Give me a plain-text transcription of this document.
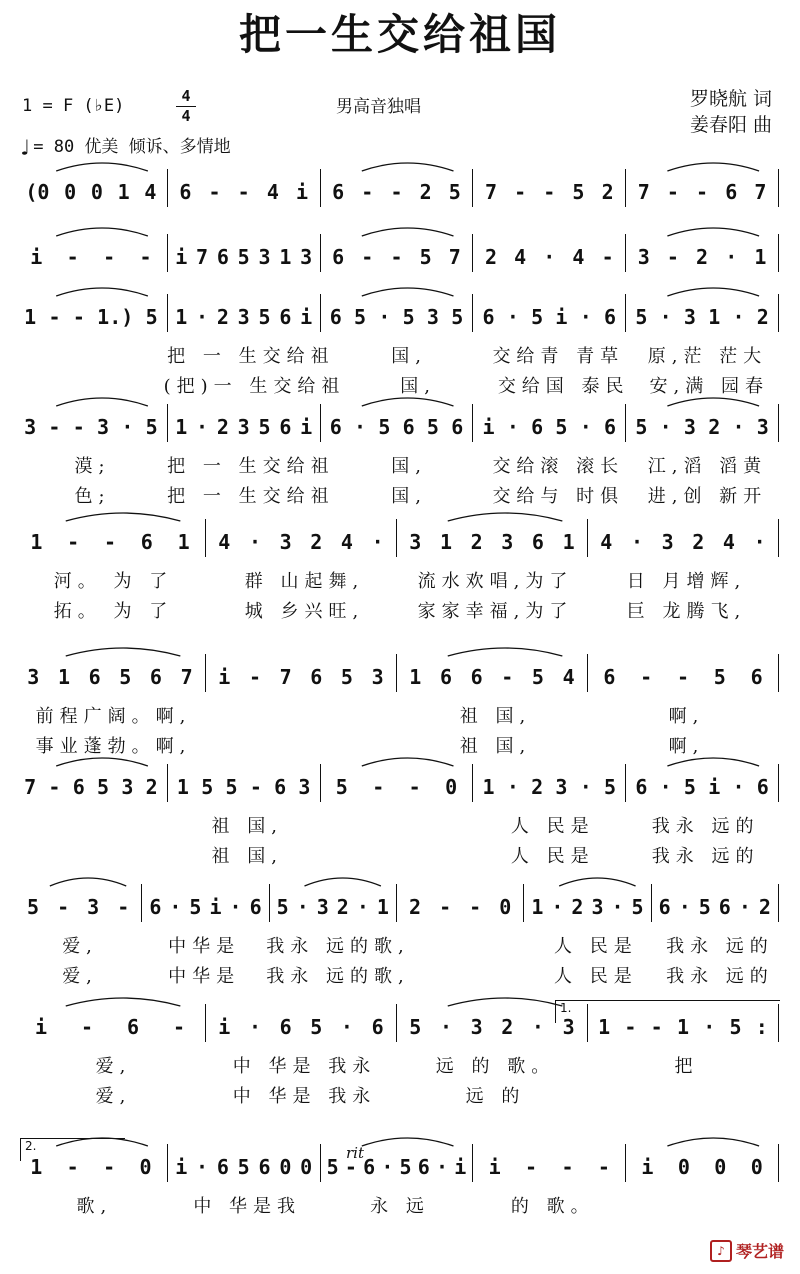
把一生交给祖国
1 = F (♭E)	4
4
♩ = 80 优美 倾诉、多情地
男高音独唱	罗晓航 词
姜春阳 曲
(0 0 0 1 4 6 - - 4 i 6 - - 2 5 7 - - 5 2 7 - - 6 7
i - - - i 7 6 5 3 1 3 6 - - 5 7 2 4 · 4 - 3 - 2 · 1
1 - - 1.) 5 1 · 2 3 5 6 i 6 5 · 5 3 5 6 · 5 i · 6 5 · 3 1 · 2
把 一 生交给祖	国,	交给青 青草	原,茫 茫大
(把)一 生交给祖	国,	交给国 泰民	安,满 园春
3 - - 3 · 5 1 · 2 3 5 6 i 6 · 5 6 5 6 i · 6 5 · 6 5 · 3 2 · 3
漠;	把 一 生交给祖	国,	交给滚 滚长	江,滔 滔黄
色;	把 一 生交给祖	国,	交给与 时俱	进,创 新开
1 - - 6 1 4 · 3 2 4 · 3 1 2 3 6 1 4 · 3 2 4 ·
河。 为 了	群 山起舞,	流水欢唱,为了	日 月增辉,
拓。 为 了	城 乡兴旺,	家家幸福,为了	巨 龙腾飞,
3 1 6 5 6 7 i - 7 6 5 3 1 6 6 - 5 4 6 - - 5 6
前程广阔。啊,	祖 国,	啊,
事业蓬勃。啊,	祖 国,	啊,
7 - 6 5 3 2 1 5 5 - 6 3 5 - - 0 1 · 2 3 · 5 6 · 5 i · 6
祖 国,	人 民是	我永 远的
祖 国,	人 民是	我永 远的
5 - 3 - 6 · 5 i · 6 5 · 3 2 · 1 2 - - 0 1 · 2 3 · 5 6 · 5 6 · 2
爱,	中华是	我永 远的歌,	人 民是	我永 远的
爱,	中华是	我永 远的歌,	人 民是	我永 远的
i - 6 - i · 6 5 · 6 5 · 3 2 · 3 1 - - 1 · 5 :
爱,	中 华是 我永	远 的 歌。	把
爱,	中 华是 我永	远 的
1 - - 0 i · 6 5 6 0 0 5 - 6 · 5 6 · i i - - - i 0 0 0
歌,	中 华是我	永 远	的 歌。
1.
2.	rit
♪ 琴艺谱
